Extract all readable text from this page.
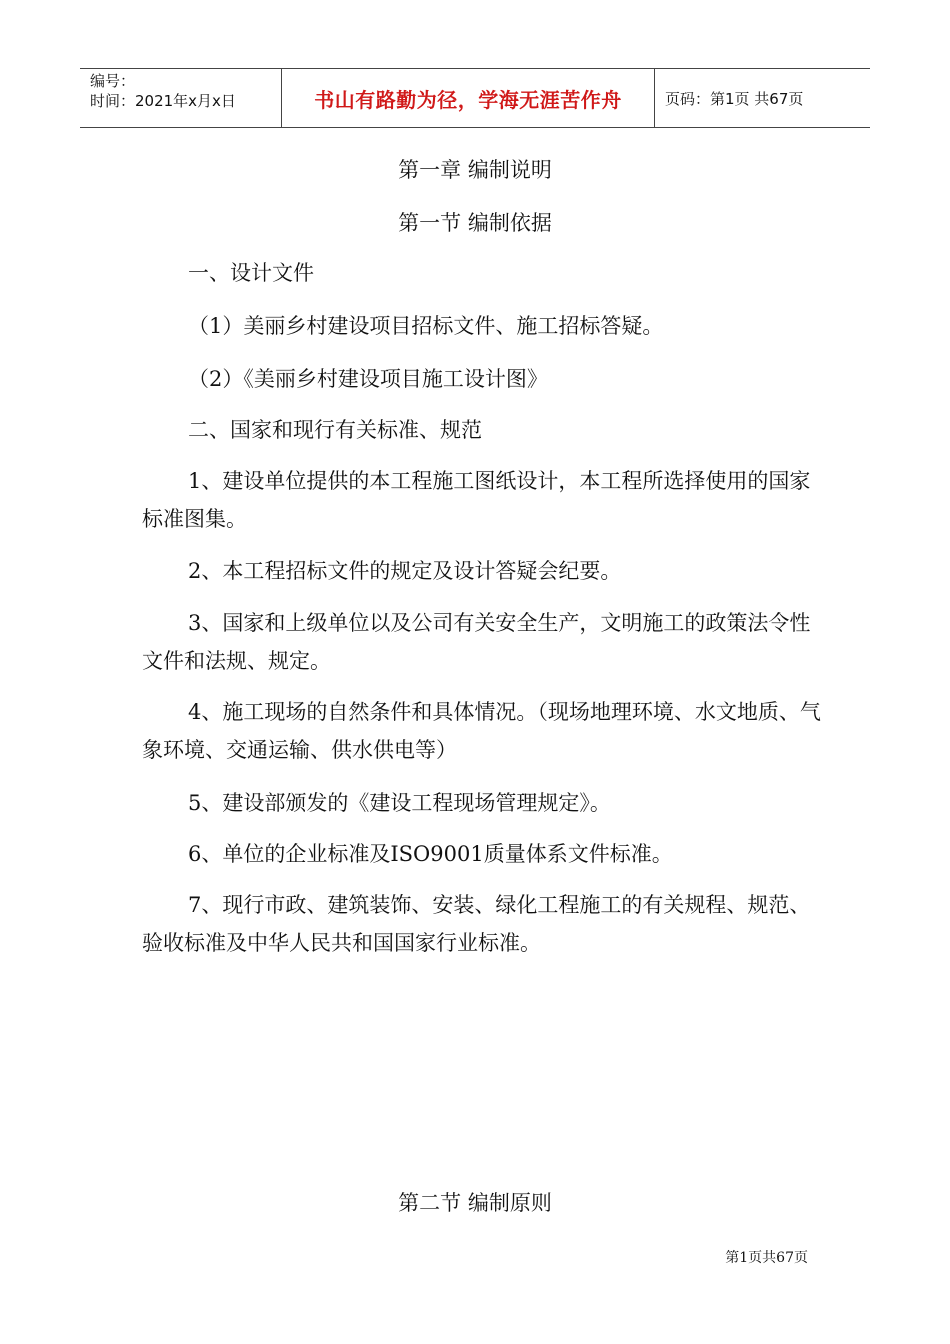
编号：
时间：2021年x月x日	书山有路勤为径，学海无涯苦作舟	页码：第1页 共67页
第一章 编制说明
第一节 编制依据
一、设计文件
（1）美丽乡村建设项目招标文件、施工招标答疑。
（2）《美丽乡村建设项目施工设计图》
二、国家和现行有关标准、规范
1、建设单位提供的本工程施工图纸设计，本工程所选择使用的国家标准图集。
2、本工程招标文件的规定及设计答疑会纪要。
3、国家和上级单位以及公司有关安全生产，文明施工的政策法令性文件和法规、规定。
4、施工现场的自然条件和具体情况。（现场地理环境、水文地质、气象环境、交通运输、供水供电等）
5、建设部颁发的《建设工程现场管理规定》。
6、单位的企业标准及ISO9001质量体系文件标准。
7、现行市政、建筑装饰、安装、绿化工程施工的有关规程、规范、验收标准及中华人民共和国国家行业标准。
第二节 编制原则
第1页共67页
